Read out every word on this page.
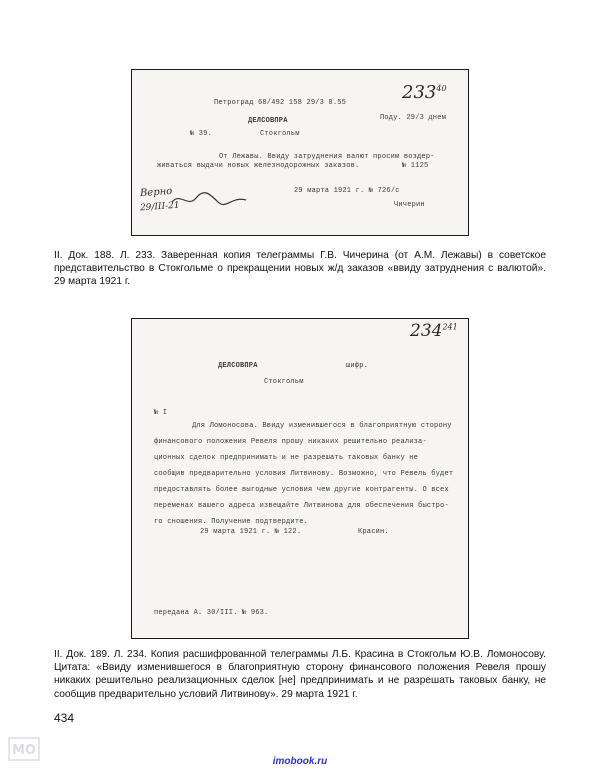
Петроград 68/492 158 29/3 8.55	$233^{40}$
ДЕЛСОВПРА	Поду. 29/3 днем
№ 39.	Стокгольм
От Лежавы. Ввиду затруднения валют просим воздер-
живаться выдачи новых железнодорожных заказов.	№ 1125
29 марта 1921 г. № 726/с
Чичерин
Верно
29/III-21
II. Док. 188. Л. 233. Заверенная копия телеграммы Г.В. Чичерина (от А.М. Лежавы) в советское представительство в Стокгольме о прекращении новых ж/д заказов «ввиду затруднения с валютой». 29 марта 1921 г.
$234^{241}$
ДЕЛСОВПРА	шифр.
Стокгольм
№ I
Для Ломоносова. Ввиду изменившегося в благоприятную сторону
финансового положения Ревеля прошу никаких решительно реализа-
ционных сделок предпринимать и не разрешать таковых банку не
сообщив предварительно условия Литвинову. Возможно, что Ревель будет
предоставлять более выгодные условия чем другие контрагенты. О всех
переменах вашего адреса извещайте Литвинова для обеспечения быстро-
го сношения. Получение подтвердите.
29 марта 1921 г. № 122.	Красин.
передана А. 30/III. № 963.
II. Док. 189. Л. 234. Копия расшифрованной телеграммы Л.Б. Красина в Стокгольм Ю.В. Ломоносову. Цитата: «Ввиду изменившегося в благоприятную сторону финансового положения Ревеля прошу никаких решительно реализационных сделок [не] предпринимать и не разрешать таковых банку, не сообщив предварительно условий Литвинову». 29 марта 1921 г.
434
МО
imobook.ru
